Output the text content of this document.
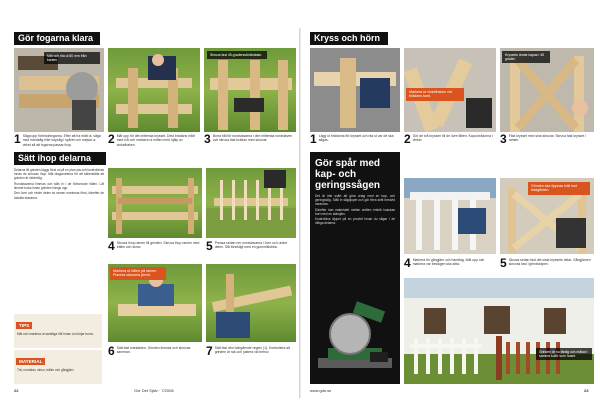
Gör fogarna klara
Mät och rita ut 80 mm från kanten.
Skruva fast 45-gradersstödbrädan.
1 Såga upp förbindningarna. Efter att ha mätt ut, såga med handsåg eller kapsåg i spåret och mejsla ur virket så att fogarna passar ihop.	2 Mät upp för det mittersta krysset. Dela brädans mått med två och markera ut mitten med hjälp av vinkelhaken.	3 Borra hål för rundstavarna i den mittersta rundstaven och skruva fast brädan med skruvar.
Sätt ihop delarna

Delarna till grinden läggs först ut på en plan yta och kontrolleras innan de skruvas ihop. Mät diagonalerna för att säkerställa att grinden är rätvinklig.

Rundstavarna limmas och slås in i de förborrade hålen. Låt limmet torka innan grinden hängs upp.

Den övre och nedre delen av ramen monteras först, därefter de lodräta stavarna.

4 Skruva ihop ramen till grinden. Skruva ihop ramen med trälim och skruv.	5 Pressa sedan ner rundstavarna i övre och undre delen. Slå försiktigt med en gummiklubba.
Markera ut hålen på ramen. Placera stavarna jämnt.
6 Sätt fast tvärsläden. Grinden limmas och skruvas samman.	7 Sätt fast den tvärgående regeln (1). Kontrollera att grinden är rak och justera vid behov.
TIPS
Mät och markera ut samtliga hål innan du börjar borra.
MATERIAL
Trä, rundstav, skruv, trälim och gångjärn.
22	Gör Det Själv · 7/2008
Kryss och hörn
Markera ut vinkelhaken vid brädans kant.
Kryssets ändar kapas i 45 grader.
1 Lägg ut brädorna för krysset och rita ut var de ska sågas.	2 Gör de två kryssen till de övre fälten. Kapa brädorna i vinkel.	3 Fäst krysset med sina skruvar. Skruva fast krysset i ramen.
Gör spår med kap- och geringssågen

Det är inte svårt att göra urtag med en kap- och geringssåg. Ställ in sågdjupet och gör flera snitt bredvid varandra.

Därefter kan materialet mellan snitten enkelt knackas bort med en stämjärn.

Kontrollera djupet på en provbit innan du sågar i de riktiga delarna.

Grinden ska öppnas inåt mot trädgården.
4 Markera för gångjärn och handtag. Mät upp och markera var beslagen ska sitta.	5 Skruva sedan fast det sista kryssets delar. Gångjärnen skruvas fast i grindstolpen.
Grinden är nu färdig och målad i samma kulör som huset.
www.gds.se	23
